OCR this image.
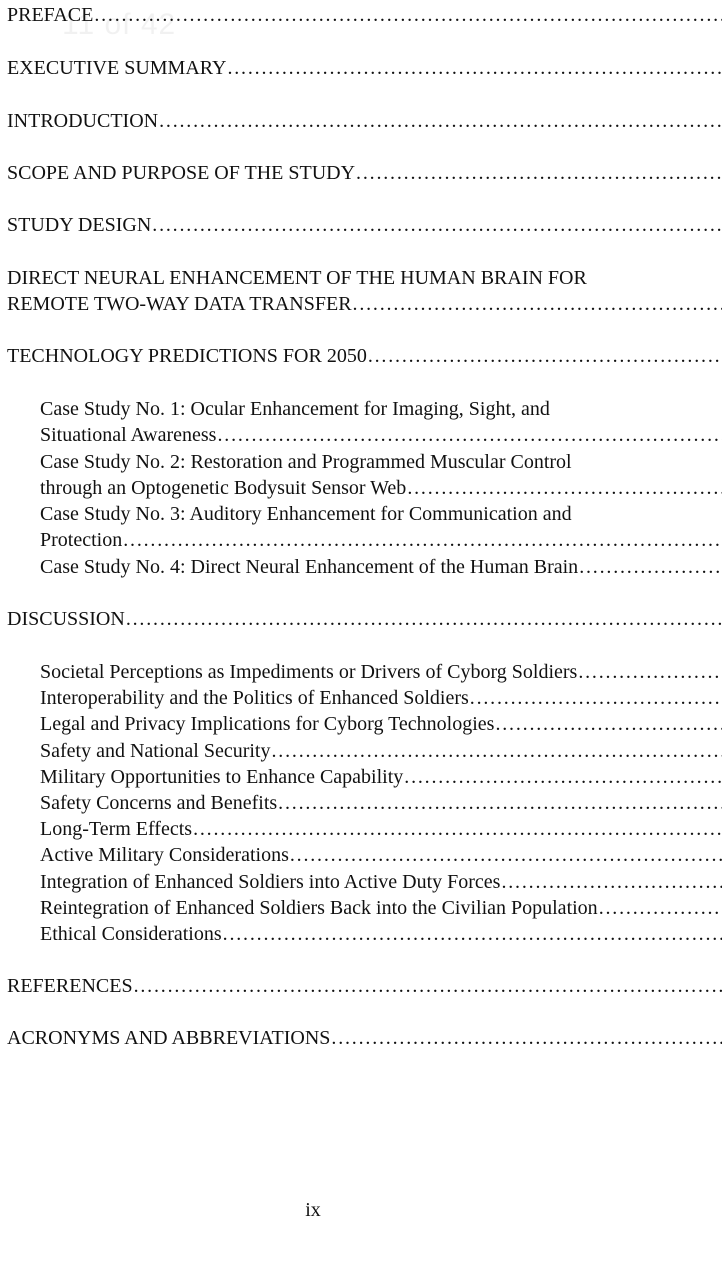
11 of 42
PREFACE
. . .
EXECUTIVE SUMMARY
. . .
INTRODUCTION
. . .
SCOPE AND PURPOSE OF THE STUDY
. . .
STUDY DESIGN
. . .
DIRECT NEURAL ENHANCEMENT OF THE HUMAN BRAIN FOR
REMOTE TWO-WAY DATA TRANSFER
. . .
TECHNOLOGY PREDICTIONS FOR 2050
. . .
Case Study No. 1: Ocular Enhancement for Imaging, Sight, and
Situational Awareness
. . .
Case Study No. 2: Restoration and Programmed Muscular Control
through an Optogenetic Bodysuit Sensor Web
. . .
Case Study No. 3: Auditory Enhancement for Communication and
Protection
. . .
Case Study No. 4: Direct Neural Enhancement of the Human Brain
. . .
DISCUSSION
. . .
Societal Perceptions as Impediments or Drivers of Cyborg Soldiers
. . .
Interoperability and the Politics of Enhanced Soldiers
. . .
Legal and Privacy Implications for Cyborg Technologies
. . .
Safety and National Security
. . .
Military Opportunities to Enhance Capability
. . .
Safety Concerns and Benefits
. . .
Long-Term Effects
. . .
Active Military Considerations
. . .
Integration of Enhanced Soldiers into Active Duty Forces
. . .
Reintegration of Enhanced Soldiers Back into the Civilian Population
. . .
Ethical Considerations
. . .
REFERENCES
. . .
ACRONYMS AND ABBREVIATIONS
. . .
ix
